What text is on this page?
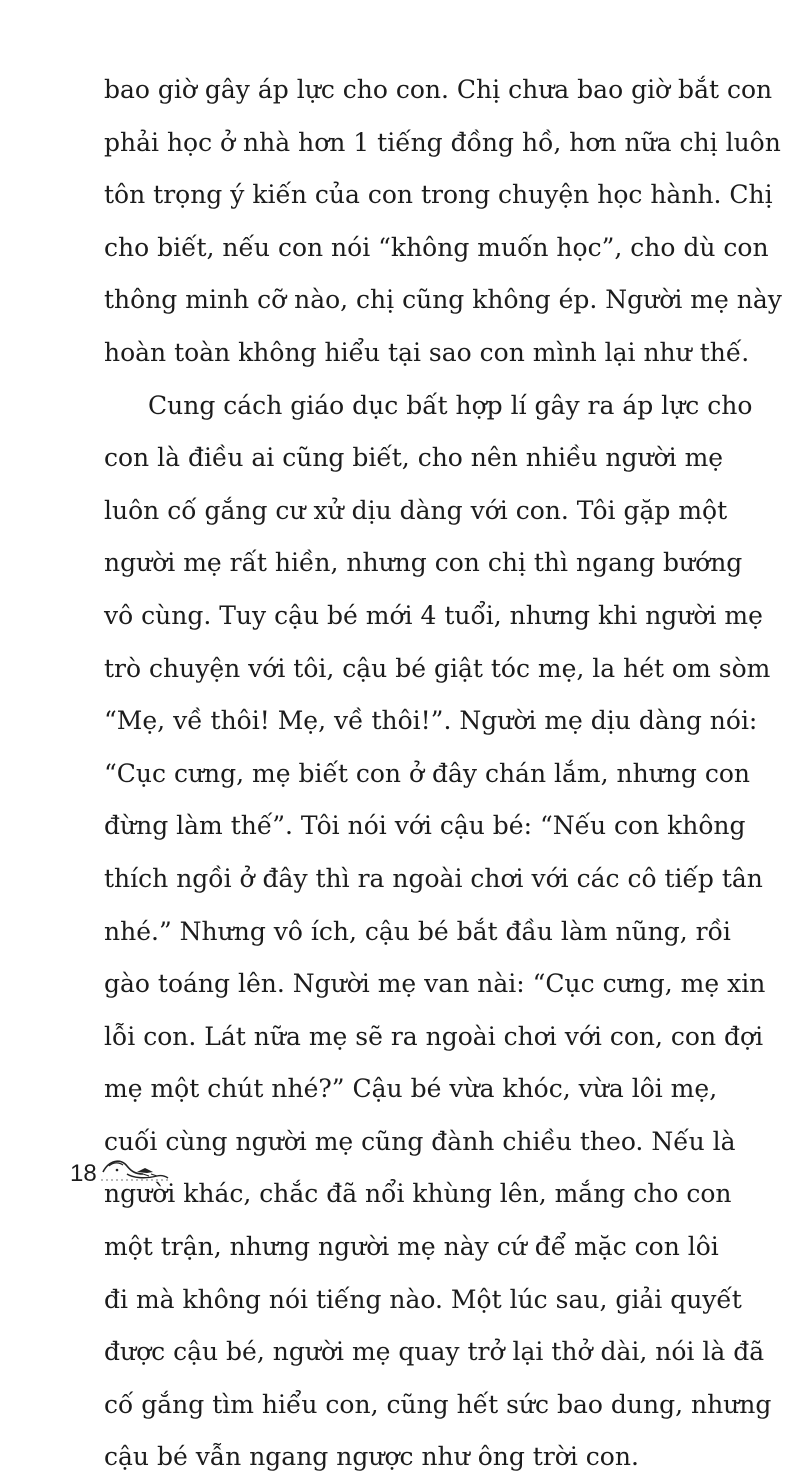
bao giờ gây áp lực cho con. Chị chưa bao giờ bắt con
phải học ở nhà hơn 1 tiếng đồng hồ, hơn nữa chị luôn
tôn trọng ý kiến của con trong chuyện học hành. Chị
cho biết, nếu con nói “không muốn học”, cho dù con
thông minh cỡ nào, chị cũng không ép. Người mẹ này
hoàn toàn không hiểu tại sao con mình lại như thế.
Cung cách giáo dục bất hợp lí gây ra áp lực cho
con là điều ai cũng biết, cho nên nhiều người mẹ
luôn cố gắng cư xử dịu dàng với con. Tôi gặp một
người mẹ rất hiền, nhưng con chị thì ngang bướng
vô cùng. Tuy cậu bé mới 4 tuổi, nhưng khi người mẹ
trò chuyện với tôi, cậu bé giật tóc mẹ, la hét om sòm
“Mẹ, về thôi! Mẹ, về thôi!”. Người mẹ dịu dàng nói:
“Cục cưng, mẹ biết con ở đây chán lắm, nhưng con
đừng làm thế”. Tôi nói với cậu bé: “Nếu con không
thích ngồi ở đây thì ra ngoài chơi với các cô tiếp tân
nhé.” Nhưng vô ích, cậu bé bắt đầu làm nũng, rồi
gào toáng lên. Người mẹ van nài: “Cục cưng, mẹ xin
lỗi con. Lát nữa mẹ sẽ ra ngoài chơi với con, con đợi
mẹ một chút nhé?” Cậu bé vừa khóc, vừa lôi mẹ,
cuối cùng người mẹ cũng đành chiều theo. Nếu là
người khác, chắc đã nổi khùng lên, mắng cho con
một trận, nhưng người mẹ này cứ để mặc con lôi
đi mà không nói tiếng nào. Một lúc sau, giải quyết
được cậu bé, người mẹ quay trở lại thở dài, nói là đã
cố gắng tìm hiểu con, cũng hết sức bao dung, nhưng
cậu bé vẫn ngang ngược như ông trời con.
18
